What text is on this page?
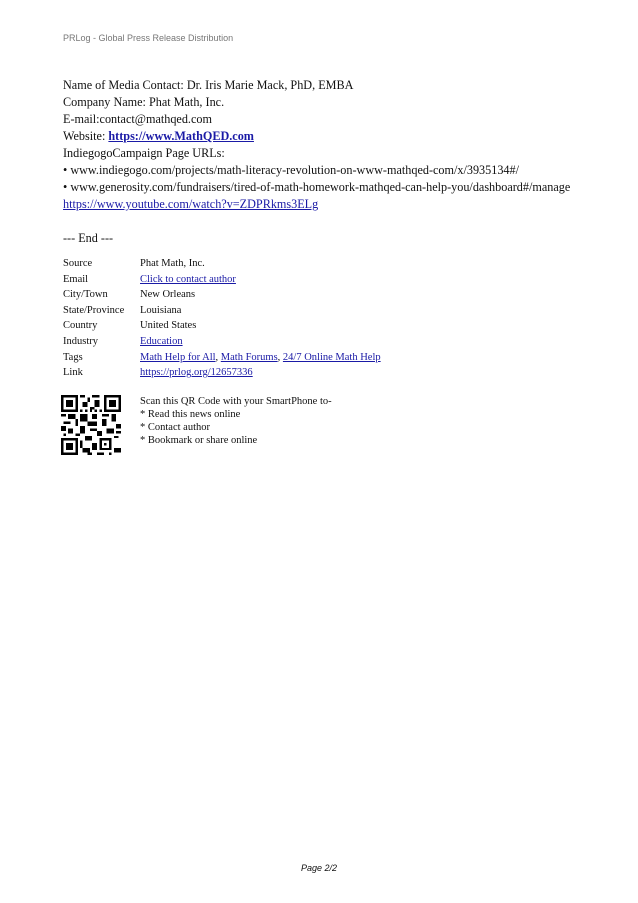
PRLog - Global Press Release Distribution
Name of Media Contact: Dr. Iris Marie Mack, PhD, EMBA
Company Name: Phat Math, Inc.
E-mail:contact@mathqed.com
Website: https://www.MathQED.com
IndiegogoCampaign Page URLs:
• www.indiegogo.com/projects/math-literacy-revolution-on-www-mathqed-com/x/3935134#/
• www.generosity.com/fundraisers/tired-of-math-homework-mathqed-can-help-you/dashboard#/manage
https://www.youtube.com/watch?v=ZDPRkms3ELg
--- End ---
Source	Phat Math, Inc.
Email	Click to contact author
City/Town	New Orleans
State/Province	Louisiana
Country	United States
Industry	Education
Tags	Math Help for All, Math Forums, 24/7 Online Math Help
Link	https://prlog.org/12657336
Scan this QR Code with your SmartPhone to-
* Read this news online
* Contact author
* Bookmark or share online
Page 2/2
